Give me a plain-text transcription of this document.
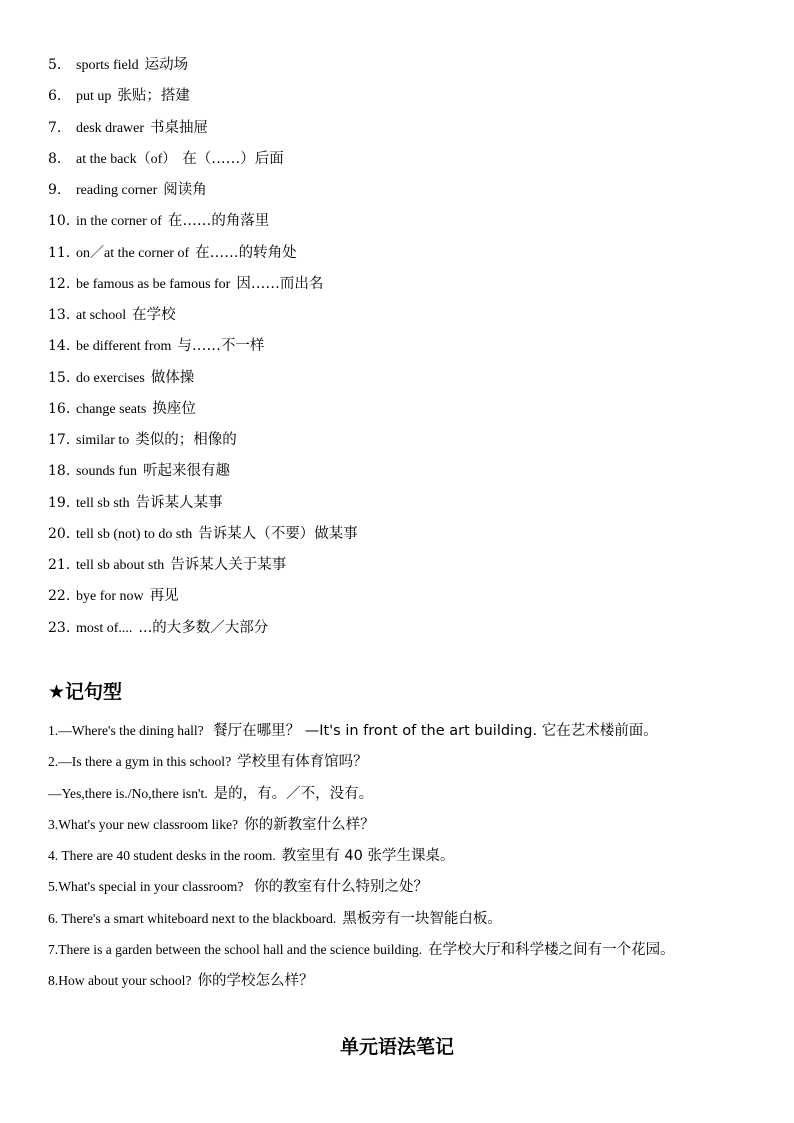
5.	sports field 运动场
6.	put up 张贴；搭建
7.	desk drawer 书桌抽屉
8.	at the back（of） 在（……）后面
9.	reading corner 阅读角
10. in the corner of 在……的角落里
11. on／at the corner of 在……的转角处
12. be famous as be famous for 因……而出名
13. at school 在学校
14. be different from 与……不一样
15. do exercises 做体操
16. change seats 换座位
17. similar to 类似的；相像的
18. sounds fun 听起来很有趣
19. tell sb sth 告诉某人某事
20. tell sb (not) to do sth 告诉某人（不要）做某事
21. tell sb about sth 告诉某人关于某事
22. bye for now 再见
23. most of.... ...的大多数／大部分
★记句型
1.—Where's the dining hall? 餐厅在哪里？ —It's in front of the art building. 它在艺术楼前面。
2.—Is there a gym in this school? 学校里有体育馆吗？
—Yes,there is./No,there isn't. 是的，有。／不，没有。
3.What's your new classroom like? 你的新教室什么样？
4. There are 40 student desks in the room. 教室里有 40 张学生课桌。
5.What's special in your classroom? 你的教室有什么特别之处？
6. There's a smart whiteboard next to the blackboard. 黑板旁有一块智能白板。
7.There is a garden between the school hall and the science building. 在学校大厅和科学楼之间有一个花园。
8.How about your school? 你的学校怎么样？
单元语法笔记
